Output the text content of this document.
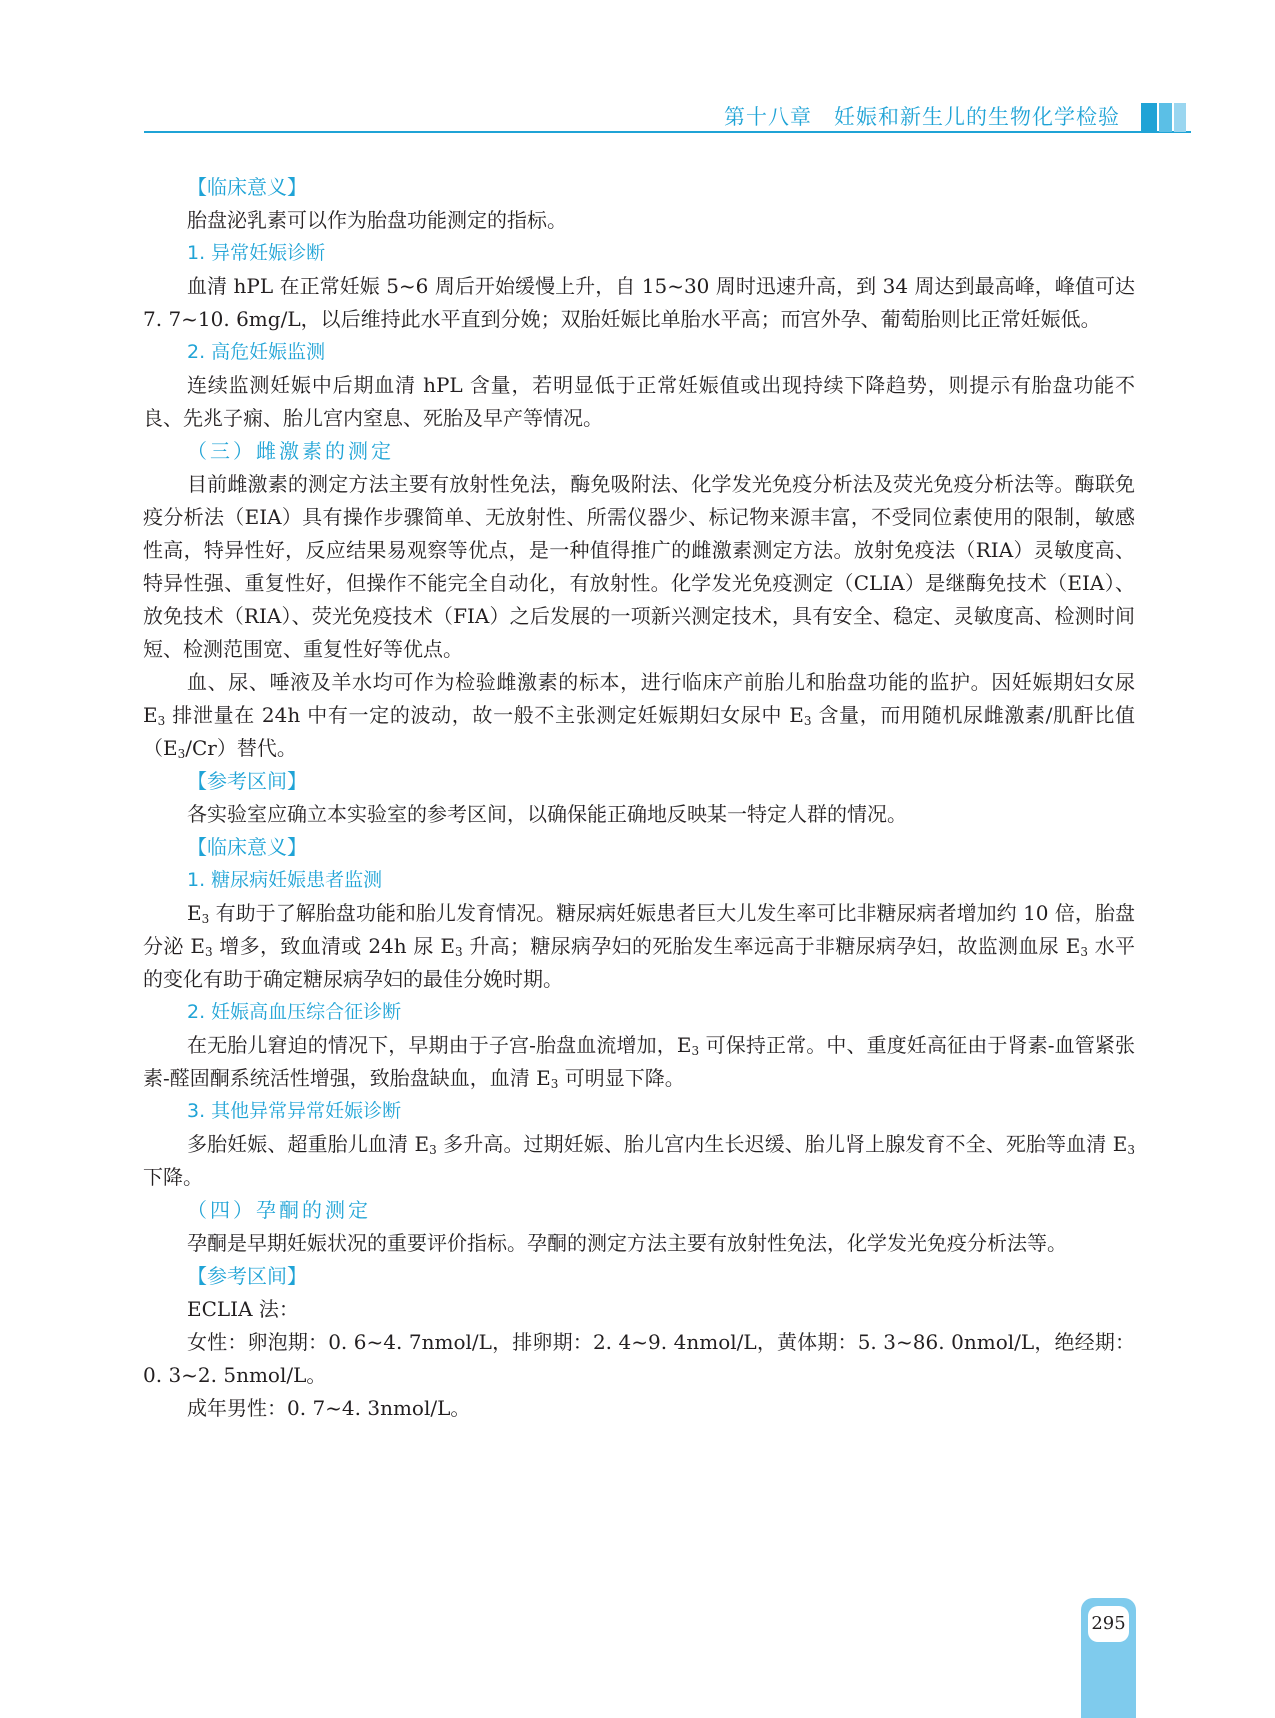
第十八章 妊娠和新生儿的生物化学检验

【临床意义】

胎盘泌乳素可以作为胎盘功能测定的指标。

1. 异常妊娠诊断

血清 hPL 在正常妊娠 5~6 周后开始缓慢上升，自 15~30 周时迅速升高，到 34 周达到最高峰，峰值可达 7. 7~10. 6mg/L，以后维持此水平直到分娩；双胎妊娠比单胎水平高；而宫外孕、葡萄胎则比正常妊娠低。

2. 高危妊娠监测

连续监测妊娠中后期血清 hPL 含量，若明显低于正常妊娠值或出现持续下降趋势，则提示有胎盘功能不良、先兆子痫、胎儿宫内窒息、死胎及早产等情况。

（三）雌激素的测定

目前雌激素的测定方法主要有放射性免法，酶免吸附法、化学发光免疫分析法及荧光免疫分析法等。酶联免疫分析法（EIA）具有操作步骤简单、无放射性、所需仪器少、标记物来源丰富，不受同位素使用的限制，敏感性高，特异性好，反应结果易观察等优点，是一种值得推广的雌激素测定方法。放射免疫法（RIA）灵敏度高、特异性强、重复性好，但操作不能完全自动化，有放射性。化学发光免疫测定（CLIA）是继酶免技术（EIA）、放免技术（RIA）、荧光免疫技术（FIA）之后发展的一项新兴测定技术，具有安全、稳定、灵敏度高、检测时间短、检测范围宽、重复性好等优点。

血、尿、唾液及羊水均可作为检验雌激素的标本，进行临床产前胎儿和胎盘功能的监护。因妊娠期妇女尿 $E_3$ 排泄量在 24h 中有一定的波动，故一般不主张测定妊娠期妇女尿中 $E_3$ 含量，而用随机尿雌激素/肌酐比值$(E_3/Cr)$替代。

【参考区间】

各实验室应确立本实验室的参考区间，以确保能正确地反映某一特定人群的情况。

【临床意义】

1. 糖尿病妊娠患者监测

$E_3$ 有助于了解胎盘功能和胎儿发育情况。糖尿病妊娠患者巨大儿发生率可比非糖尿病者增加约 10 倍，胎盘分泌 $E_3$ 增多，致血清或 24h 尿 $E_3$ 升高；糖尿病孕妇的死胎发生率远高于非糖尿病孕妇，故监测血尿 $E_3$ 水平的变化有助于确定糖尿病孕妇的最佳分娩时期。

2. 妊娠高血压综合征诊断

在无胎儿窘迫的情况下，早期由于子宫-胎盘血流增加，$E_3$ 可保持正常。中、重度妊高征由于肾素-血管紧张素-醛固酮系统活性增强，致胎盘缺血，血清 $E_3$ 可明显下降。

3. 其他异常异常妊娠诊断

多胎妊娠、超重胎儿血清 $E_3$ 多升高。过期妊娠、胎儿宫内生长迟缓、胎儿肾上腺发育不全、死胎等血清 $E_3$ 下降。

（四）孕酮的测定

孕酮是早期妊娠状况的重要评价指标。孕酮的测定方法主要有放射性免法，化学发光免疫分析法等。

【参考区间】

ECLIA 法：

女性：卵泡期：0. 6~4. 7nmol/L，排卵期：2. 4~9. 4nmol/L，黄体期：5. 3~86. 0nmol/L，绝经期：0. 3~2. 5nmol/L。

成年男性：0. 7~4. 3nmol/L。

295
